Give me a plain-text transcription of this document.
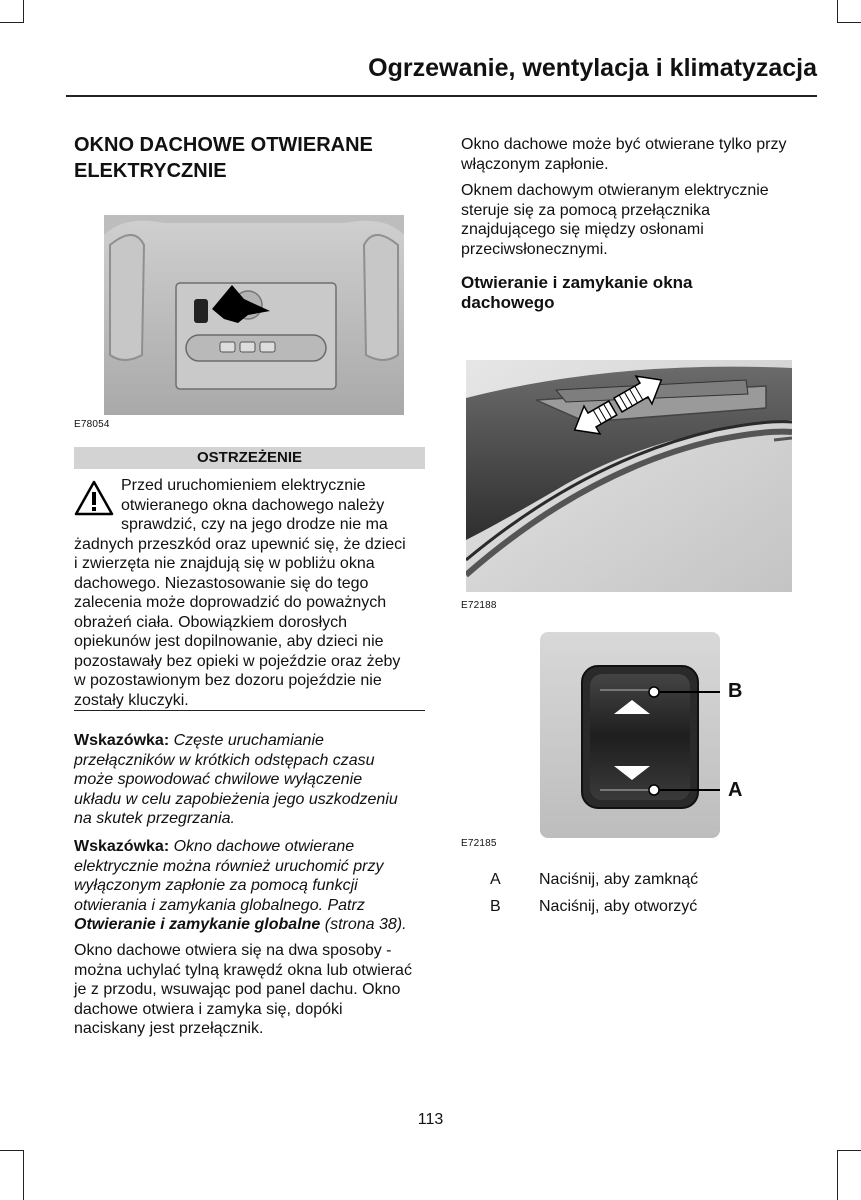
Ogrzewanie, wentylacja i klimatyzacja
OKNO DACHOWE OTWIERANE
ELEKTRYCZNIE
E78054
OSTRZEŻENIE
Przed uruchomieniem elektrycznie
otwieranego okna dachowego należy
sprawdzić, czy na jego drodze nie ma
żadnych przeszkód oraz upewnić się, że dzieci
i zwierzęta nie znajdują się w pobliżu okna
dachowego. Niezastosowanie się do tego
zalecenia może doprowadzić do poważnych
obrażeń ciała. Obowiązkiem dorosłych
opiekunów jest dopilnowanie, aby dzieci nie
pozostawały bez opieki w pojeździe oraz żeby
w pozostawionym bez dozoru pojeździe nie
zostały kluczyki.
Wskazówka: Częste uruchamianie
przełączników w krótkich odstępach czasu
może spowodować chwilowe wyłączenie
układu w celu zapobieżenia jego uszkodzeniu
na skutek przegrzania.
Wskazówka: Okno dachowe otwierane
elektrycznie można również uruchomić przy
wyłączonym zapłonie za pomocą funkcji
otwierania i zamykania globalnego. Patrz
Otwieranie i zamykanie globalne (strona 38).
Okno dachowe otwiera się na dwa sposoby -
można uchylać tylną krawędź okna lub otwierać
je z przodu, wsuwając pod panel dachu. Okno
dachowe otwiera i zamyka się, dopóki
naciskany jest przełącznik.
Okno dachowe może być otwierane tylko przy
włączonym zapłonie.
Oknem dachowym otwieranym elektrycznie
steruje się za pomocą przełącznika
znajdującego się między osłonami
przeciwsłonecznymi.
Otwieranie i zamykanie okna
dachowego
E72188
B
A
E72185
A Naciśnij, aby zamknąć
B Naciśnij, aby otworzyć
113
